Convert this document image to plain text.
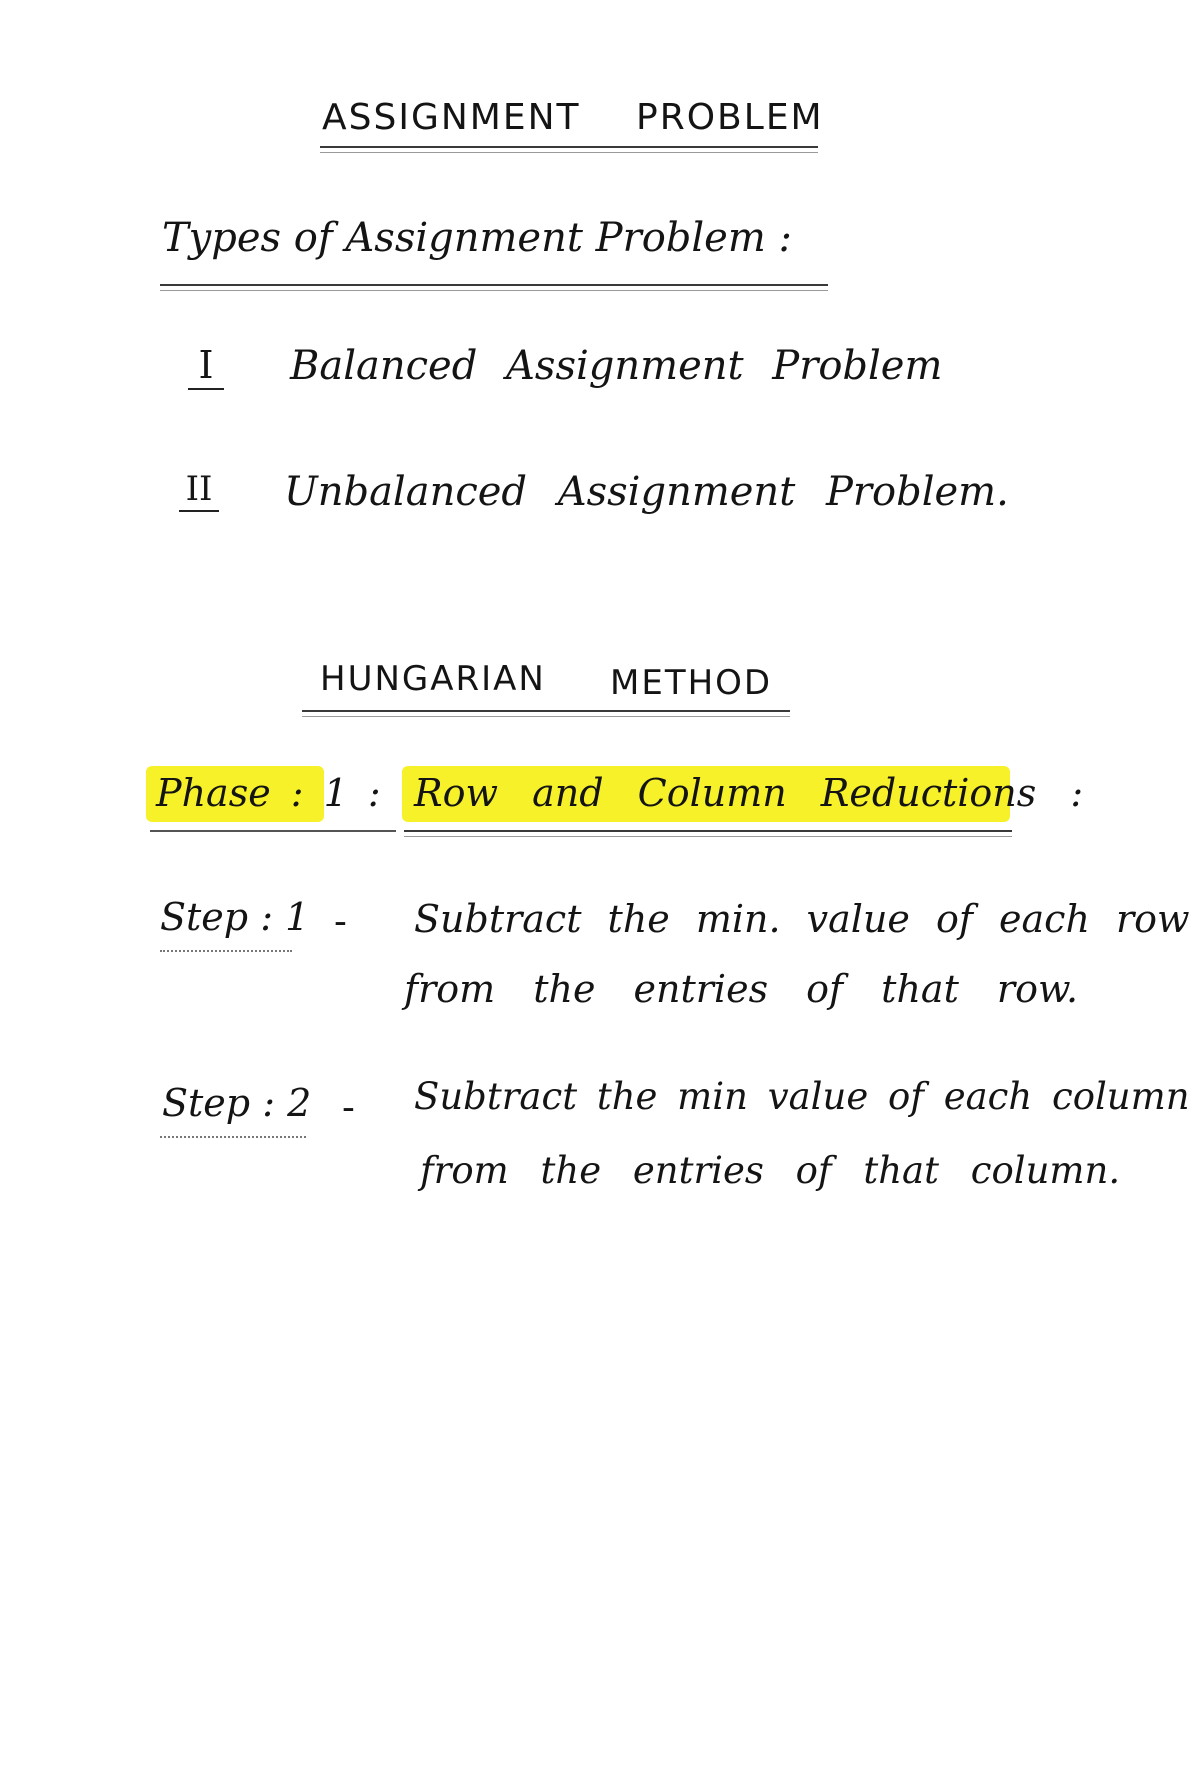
ASSIGNMENT PROBLEM
Types of Assignment Problem :
I	Balanced Assignment Problem
II Unbalanced Assignment Problem.
HUNGARIAN METHOD
Phase : 1 : Row and Column Reductions :
Step : 1 - Subtract the min. value of each row
from the entries of that row.
Step : 2 - Subtract the min value of each column
from the entries of that column.
